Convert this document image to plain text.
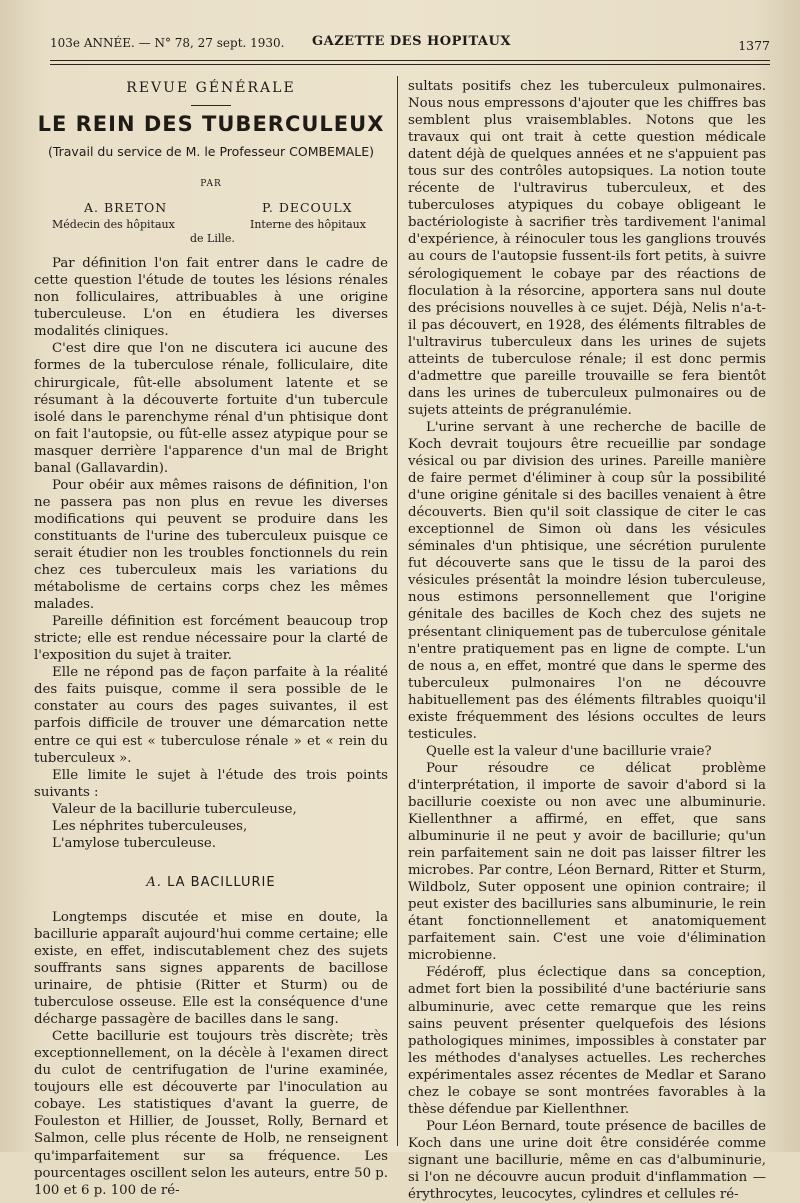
103e ANNÉE. — N° 78, 27 sept. 1930. GAZETTE DES HOPITAUX	1377
REVUE GÉNÉRALE
LE REIN DES TUBERCULEUX
(Travail du service de M. le Professeur COMBEMALE)
PAR
A. BRETON
Médecin des hôpitaux
P. DECOULX
Interne des hôpitaux
de Lille.

Par définition l'on fait entrer dans le cadre de cette question l'étude de toutes les lésions rénales non folliculaires, attribuables à une origine tuberculeuse. L'on en étudiera les diverses modalités cliniques.

C'est dire que l'on ne discutera ici aucune des formes de la tuberculose rénale, folliculaire, dite chirurgicale, fût-elle absolument latente et se résumant à la découverte fortuite d'un tubercule isolé dans le parenchyme rénal d'un phtisique dont on fait l'autopsie, ou fût-elle assez atypique pour se masquer derrière l'apparence d'un mal de Bright banal (Gallavardin).

Pour obéir aux mêmes raisons de définition, l'on ne passera pas non plus en revue les diverses modifications qui peuvent se produire dans les constituants de l'urine des tuberculeux puisque ce serait étudier non les troubles fonctionnels du rein chez ces tuberculeux mais les variations du métabolisme de certains corps chez les mêmes malades.

Pareille définition est forcément beaucoup trop stricte; elle est rendue nécessaire pour la clarté de l'exposition du sujet à traiter.

Elle ne répond pas de façon parfaite à la réalité des faits puisque, comme il sera possible de le constater au cours des pages suivantes, il est parfois difficile de trouver une démarcation nette entre ce qui est « tuberculose rénale » et « rein du tuberculeux ».

Elle limite le sujet à l'étude des trois points suivants :

Valeur de la bacillurie tuberculeuse,
Les néphrites tuberculeuses,
L'amylose tuberculeuse.
A. LA BACILLURIE

Longtemps discutée et mise en doute, la bacillurie apparaît aujourd'hui comme certaine; elle existe, en effet, indiscutablement chez des sujets souffrants sans signes apparents de bacillose urinaire, de phtisie (Ritter et Sturm) ou de tuberculose osseuse. Elle est la conséquence d'une décharge passagère de bacilles dans le sang.

Cette bacillurie est toujours très discrète; très exceptionnellement, on la décèle à l'examen direct du culot de centrifugation de l'urine examinée, toujours elle est découverte par l'inoculation au cobaye. Les statistiques d'avant la guerre, de Fouleston et Hillier, de Jousset, Rolly, Bernard et Salmon, celle plus récente de Holb, ne renseignent qu'imparfaitement sur sa fréquence. Les pourcentages oscillent selon les auteurs, entre 50 p. 100 et 6 p. 100 de ré-

sultats positifs chez les tuberculeux pulmonaires. Nous nous empressons d'ajouter que les chiffres bas semblent plus vraisemblables. Notons que les travaux qui ont trait à cette question médicale datent déjà de quelques années et ne s'appuient pas tous sur des contrôles autopsiques. La notion toute récente de l'ultravirus tuberculeux, et des tuberculoses atypiques du cobaye obligeant le bactériologiste à sacrifier très tardivement l'animal d'expérience, à réinoculer tous les ganglions trouvés au cours de l'autopsie fussent-ils fort petits, à suivre sérologiquement le cobaye par des réactions de floculation à la résorcine, apportera sans nul doute des précisions nouvelles à ce sujet. Déjà, Nelis n'a-t-il pas découvert, en 1928, des éléments filtrables de l'ultravirus tuberculeux dans les urines de sujets atteints de tuberculose rénale; il est donc permis d'admettre que pareille trouvaille se fera bientôt dans les urines de tuberculeux pulmonaires ou de sujets atteints de prégranulémie.

L'urine servant à une recherche de bacille de Koch devrait toujours être recueillie par sondage vésical ou par division des urines. Pareille manière de faire permet d'éliminer à coup sûr la possibilité d'une origine génitale si des bacilles venaient à être découverts. Bien qu'il soit classique de citer le cas exceptionnel de Simon où dans les vésicules séminales d'un phtisique, une sécrétion purulente fut découverte sans que le tissu de la paroi des vésicules présentât la moindre lésion tuberculeuse, nous estimons personnellement que l'origine génitale des bacilles de Koch chez des sujets ne présentant cliniquement pas de tuberculose génitale n'entre pratiquement pas en ligne de compte. L'un de nous a, en effet, montré que dans le sperme des tuberculeux pulmonaires l'on ne découvre habituellement pas des éléments filtrables quoiqu'il existe fréquemment des lésions occultes de leurs testicules.

Quelle est la valeur d'une bacillurie vraie?

Pour résoudre ce délicat problème d'interprétation, il importe de savoir d'abord si la bacillurie coexiste ou non avec une albuminurie. Kiellenthner a affirmé, en effet, que sans albuminurie il ne peut y avoir de bacillurie; qu'un rein parfaitement sain ne doit pas laisser filtrer les microbes. Par contre, Léon Bernard, Ritter et Sturm, Wildbolz, Suter opposent une opinion contraire; il peut exister des bacilluries sans albuminurie, le rein étant fonctionnellement et anatomiquement parfaitement sain. C'est une voie d'élimination microbienne.

Fédéroff, plus éclectique dans sa conception, admet fort bien la possibilité d'une bactériurie sans albuminurie, avec cette remarque que les reins sains peuvent présenter quelquefois des lésions pathologiques minimes, impossibles à constater par les méthodes d'analyses actuelles. Les recherches expérimentales assez récentes de Medlar et Sarano chez le cobaye se sont montrées favorables à la thèse défendue par Kiellenthner.

Pour Léon Bernard, toute présence de bacilles de Koch dans une urine doit être considérée comme signant une bacillurie, même en cas d'albuminurie, si l'on ne découvre aucun produit d'inflammation — érythrocytes, leucocytes, cylindres et cellules ré-
